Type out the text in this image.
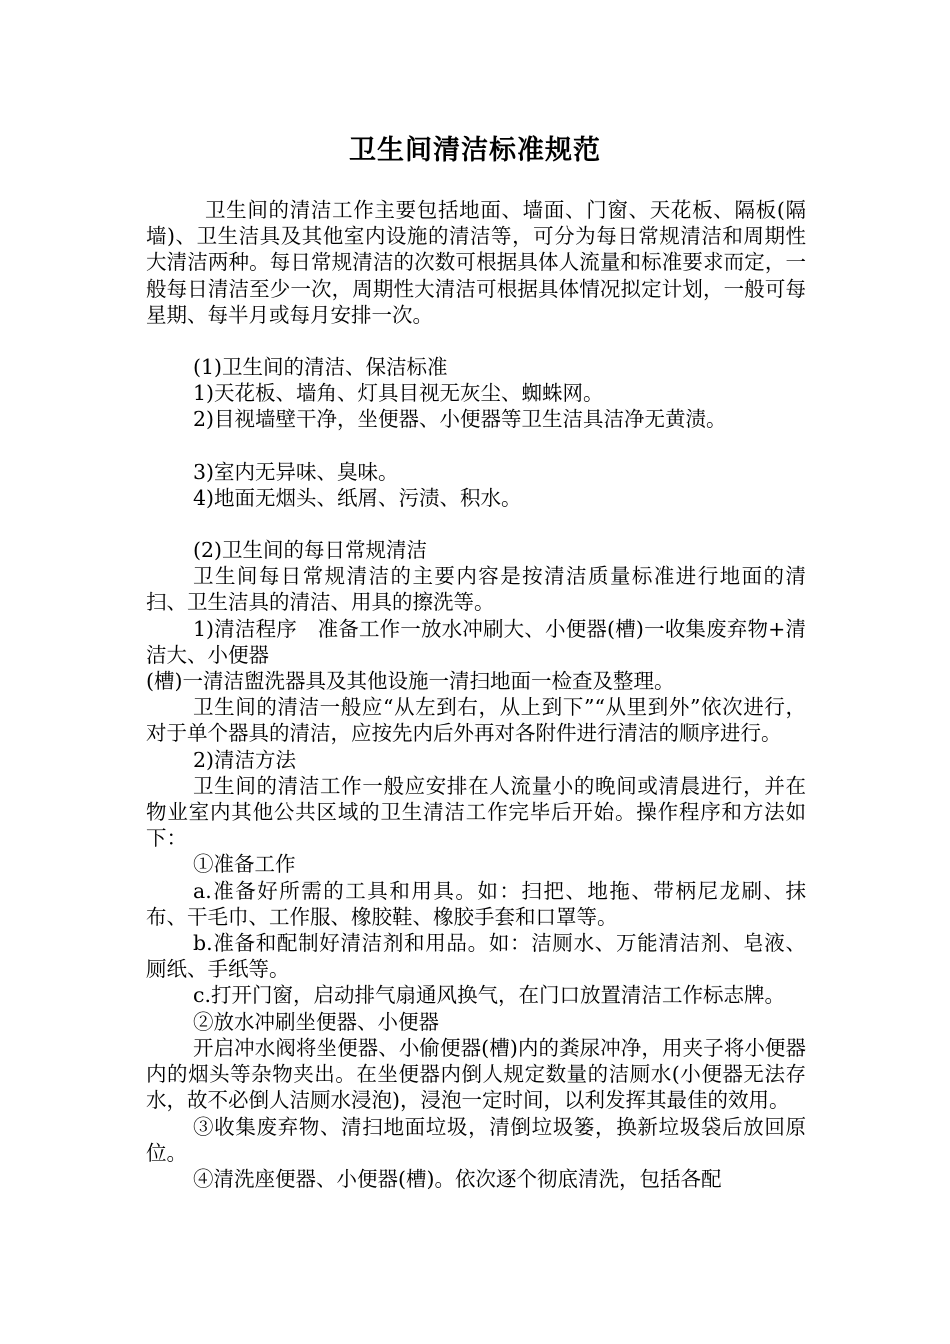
卫生间清洁标准规范

卫生间的清洁工作主要包括地面、墙面、门窗、天花板、隔板(隔墙)、卫生洁具及其他室内设施的清洁等，可分为每日常规清洁和周期性大清洁两种。每日常规清洁的次数可根据具体人流量和标准要求而定，一般每日清洁至少一次，周期性大清洁可根据具体情况拟定计划，一般可每星期、每半月或每月安排一次。

(1)卫生间的清洁、保洁标准

1)天花板、墙角、灯具目视无灰尘、蜘蛛网。

2)目视墙壁干净，坐便器、小便器等卫生洁具洁净无黄渍。

3)室内无异味、臭味。

4)地面无烟头、纸屑、污渍、积水。

(2)卫生间的每日常规清洁

卫生间每日常规清洁的主要内容是按清洁质量标准进行地面的清扫、卫生洁具的清洁、用具的擦洗等。

1)清洁程序　准备工作一放水冲刷大、小便器(槽)一收集废弃物+清洁大、小便器

(槽)一清洁盥洗器具及其他设施一清扫地面一检查及整理。

卫生间的清洁一般应“从左到右，从上到下”“从里到外”依次进行，对于单个器具的清洁，应按先内后外再对各附件进行清洁的顺序进行。

2)清洁方法

卫生间的清洁工作一般应安排在人流量小的晚间或清晨进行，并在物业室内其他公共区域的卫生清洁工作完毕后开始。操作程序和方法如下：

①准备工作

a.准备好所需的工具和用具。如：扫把、地拖、带柄尼龙刷、抹布、干毛巾、工作服、橡胶鞋、橡胶手套和口罩等。

b.准备和配制好清洁剂和用品。如：洁厕水、万能清洁剂、皂液、厕纸、手纸等。

c.打开门窗，启动排气扇通风换气，在门口放置清洁工作标志牌。

②放水冲刷坐便器、小便器

开启冲水阀将坐便器、小偷便器(槽)内的粪尿冲净，用夹子将小便器内的烟头等杂物夹出。在坐便器内倒人规定数量的洁厕水(小便器无法存水，故不必倒人洁厕水浸泡)，浸泡一定时间，以利发挥其最佳的效用。

③收集废弃物、清扫地面垃圾，清倒垃圾篓，换新垃圾袋后放回原位。

④清洗座便器、小便器(槽)。依次逐个彻底清洗，包括各配
